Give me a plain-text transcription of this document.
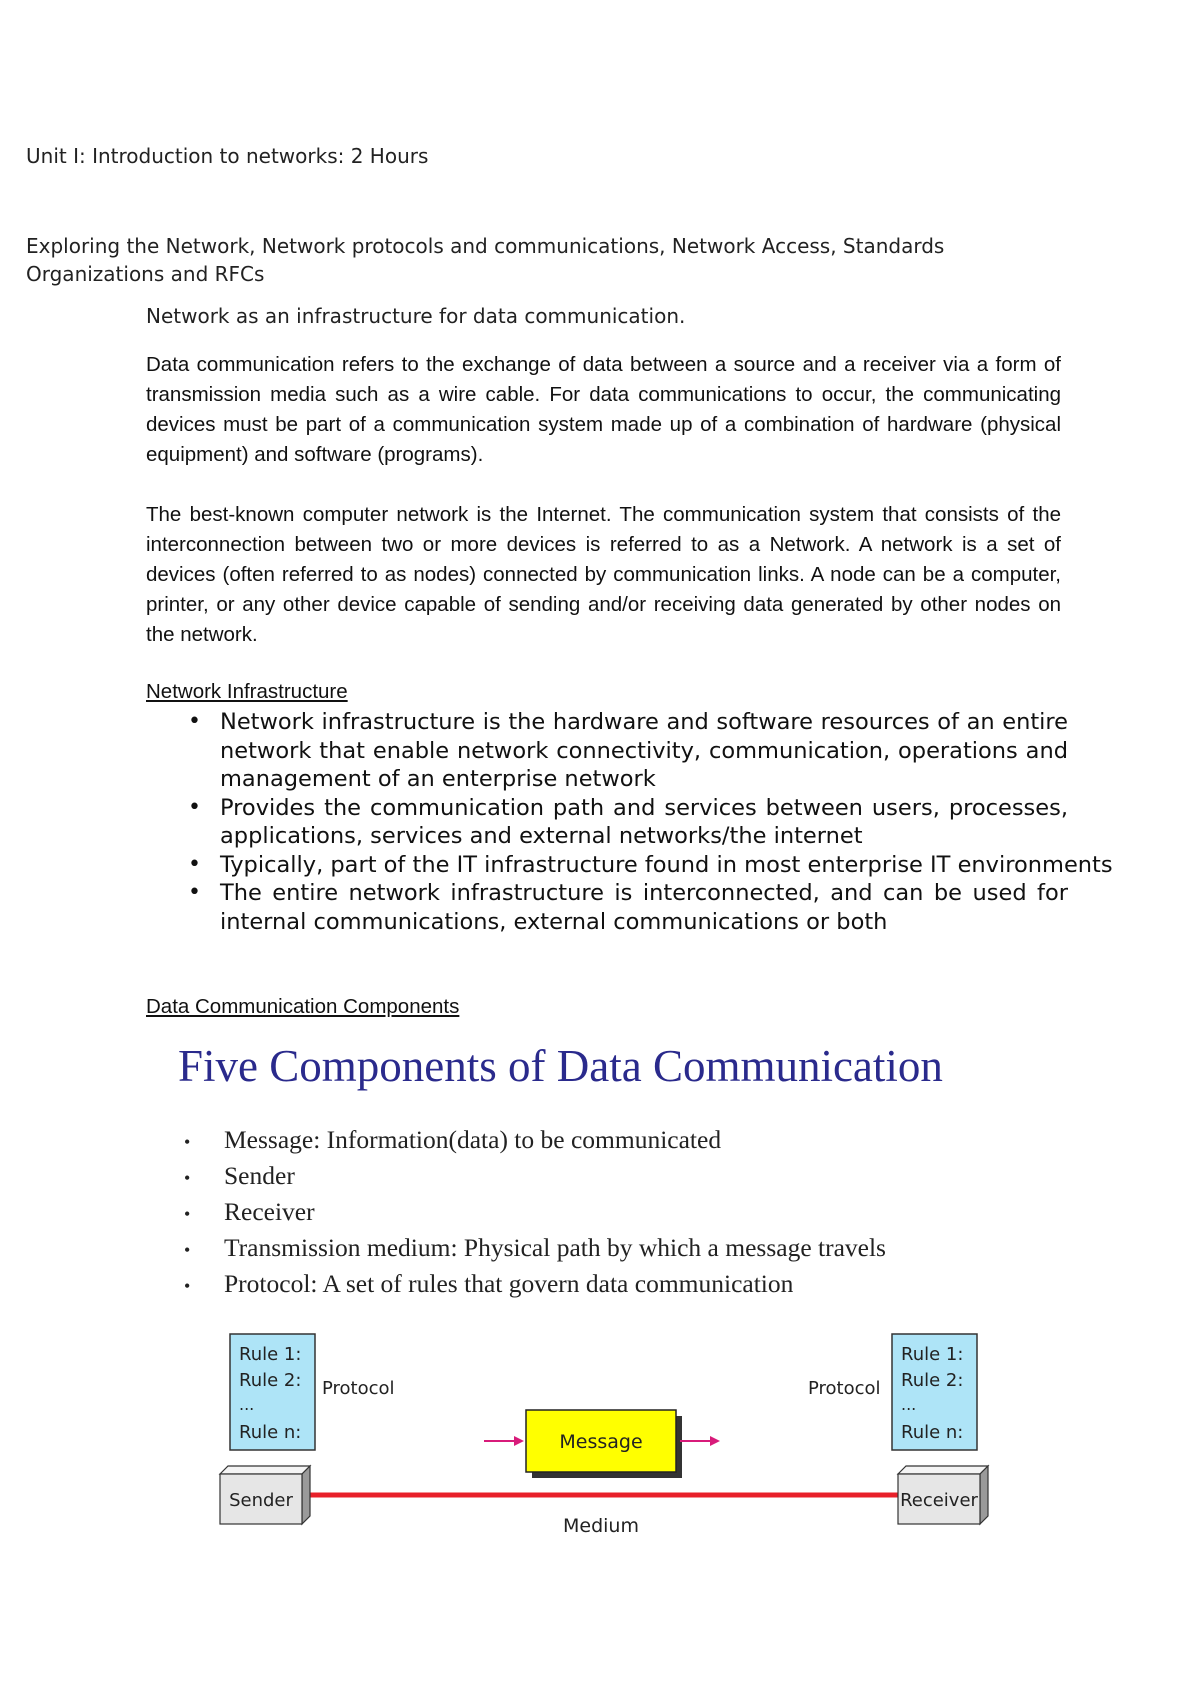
Unit I: Introduction to networks: 2 Hours
Exploring the Network, Network protocols and communications, Network Access, Standards Organizations and RFCs
Network as an infrastructure for data communication.
Data communication refers to the exchange of data between a source and a receiver via a form of transmission media such as a wire cable. For data communications to occur, the communicating devices must be part of a communication system made up of a combination of hardware (physical equipment) and software (programs).
The best-known computer network is the Internet. The communication system that consists of the interconnection between two or more devices is referred to as a Network. A network is a set of devices (often referred to as nodes) connected by communication links. A node can be a computer, printer, or any other device capable of sending and/or receiving data generated by other nodes on the network.
Network Infrastructure
• Network infrastructure is the hardware and software resources of an entire network that enable network connectivity, communication, operations and management of an enterprise network
• Provides the communication path and services between users, processes, applications, services and external networks/the internet
• Typically, part of the IT infrastructure found in most enterprise IT environments
• The entire network infrastructure is interconnected, and can be used for internal communications, external communications or both
Data Communication Components
Five Components of Data Communication
• Message: Information(data) to be communicated
• Sender
• Receiver
• Transmission medium: Physical path by which a message travels
• Protocol: A set of rules that govern data communication
Rule 1:
Rule 2:
...
Rule n:
Protocol
Rule 1:
Rule 2:
...
Rule n:
Protocol
Message
Medium
Sender	Receiver
